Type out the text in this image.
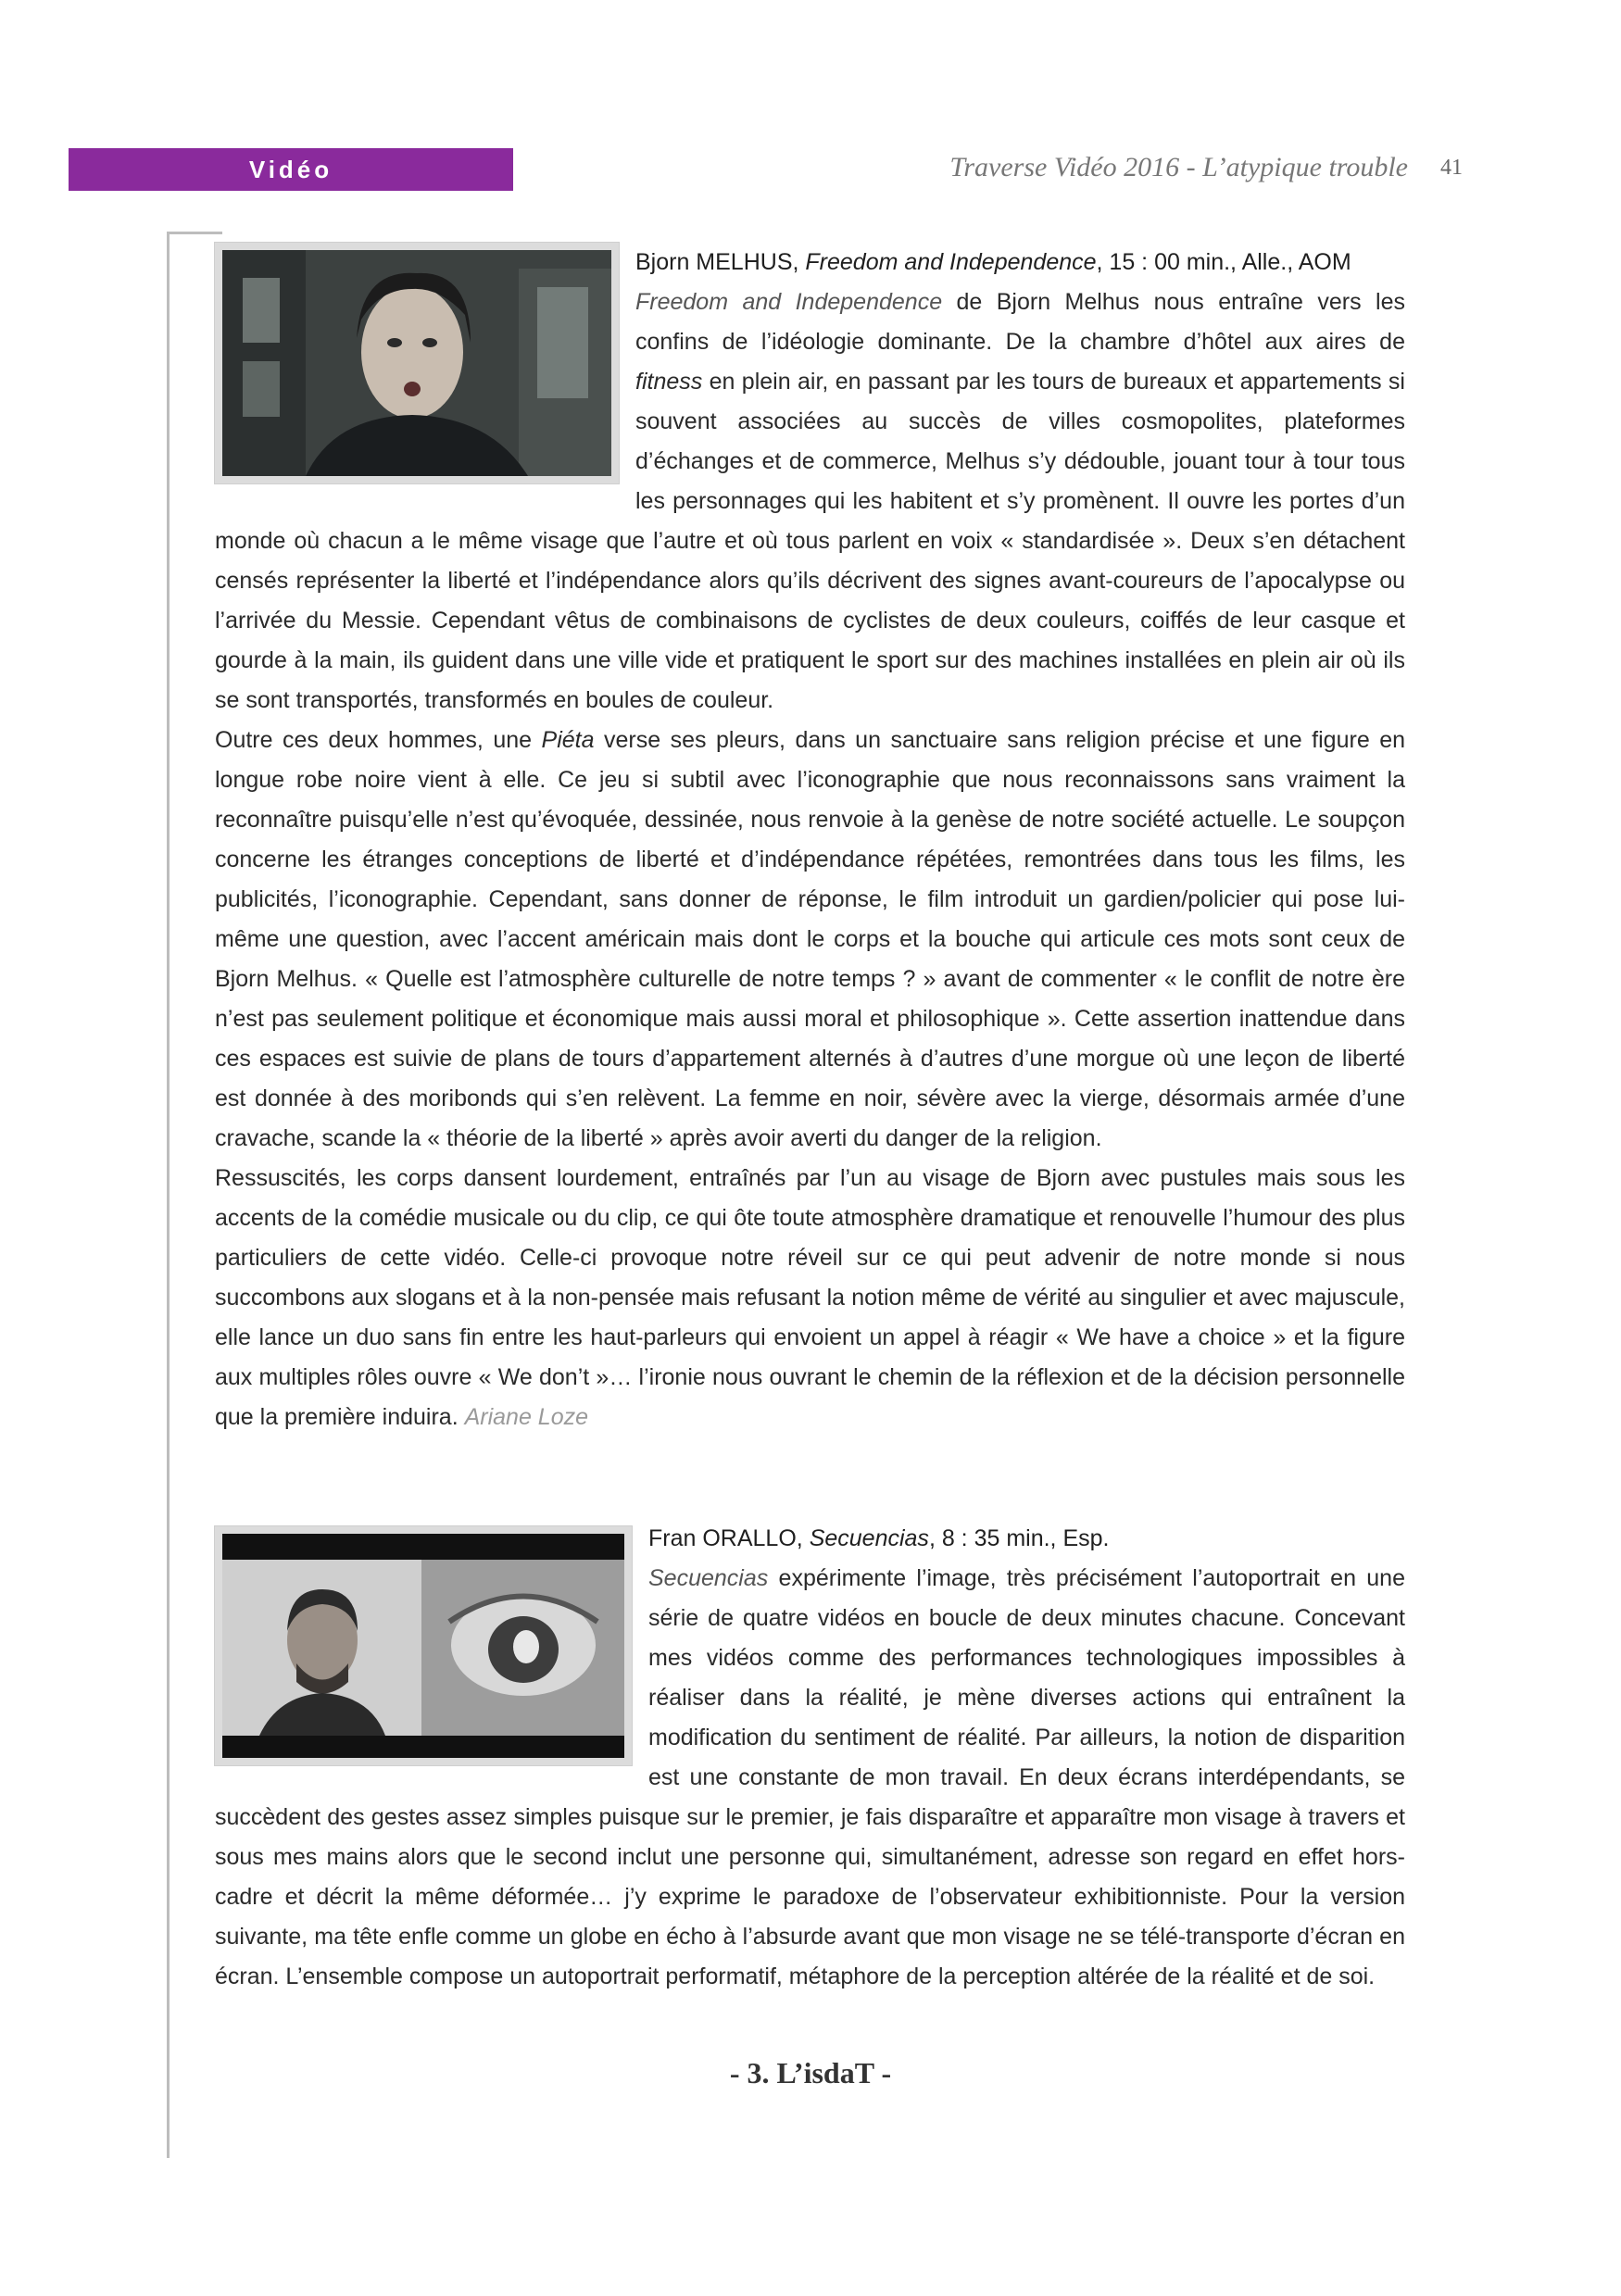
Vidéo	Traverse Vidéo 2016 - L’atypique trouble 41

Bjorn MELHUS, Freedom and Independence, 15 : 00 min., Alle., AOM

Freedom and Independence de Bjorn Melhus nous entraîne vers les confins de l’idéologie dominante. De la chambre d’hôtel aux aires de fitness en plein air, en passant par les tours de bureaux et appartements si souvent associées au succès de villes cosmopolites, plateformes d’échanges et de commerce, Melhus s’y dédouble, jouant tour à tour tous les personnages qui les habitent et s’y promènent. Il ouvre les portes d’un monde où chacun a le même visage que l’autre et où tous parlent en voix « standardisée ». Deux s’en détachent censés représenter la liberté et l’indépendance alors qu’ils décrivent des signes avant-coureurs de l’apocalypse ou l’arrivée du Messie. Cependant vêtus de combinaisons de cyclistes de deux couleurs, coiffés de leur casque et gourde à la main, ils guident dans une ville vide et pratiquent le sport sur des machines installées en plein air où ils se sont transportés, transformés en boules de couleur.

Outre ces deux hommes, une Piéta verse ses pleurs, dans un sanctuaire sans religion précise et une figure en longue robe noire vient à elle. Ce jeu si subtil avec l’iconographie que nous reconnaissons sans vraiment la reconnaître puisqu’elle n’est qu’évoquée, dessinée, nous renvoie à la genèse de notre société actuelle. Le soupçon concerne les étranges conceptions de liberté et d’indépendance répétées, remontrées dans tous les films, les publicités, l’iconographie. Cependant, sans donner de réponse, le film introduit un gardien/policier qui pose lui-même une question, avec l’accent américain mais dont le corps et la bouche qui articule ces mots sont ceux de Bjorn Melhus. « Quelle est l’atmosphère culturelle de notre temps ? » avant de commenter « le conflit de notre ère n’est pas seulement politique et économique mais aussi moral et philosophique ». Cette assertion inattendue dans ces espaces est suivie de plans de tours d’appartement alternés à d’autres d’une morgue où une leçon de liberté est donnée à des moribonds qui s’en relèvent. La femme en noir, sévère avec la vierge, désormais armée d’une cravache, scande la « théorie de la liberté » après avoir averti du danger de la religion.

Ressuscités, les corps dansent lourdement, entraînés par l’un au visage de Bjorn avec pustules mais sous les accents de la comédie musicale ou du clip, ce qui ôte toute atmosphère dramatique et renouvelle l’humour des plus particuliers de cette vidéo. Celle-ci provoque notre réveil sur ce qui peut advenir de notre monde si nous succombons aux slogans et à la non-pensée mais refusant la notion même de vérité au singulier et avec majuscule, elle lance un duo sans fin entre les haut-parleurs qui envoient un appel à réagir « We have a choice » et la figure aux multiples rôles ouvre « We don’t »… l’ironie nous ouvrant le chemin de la réflexion et de la décision personnelle que la première induira. Ariane Loze

Fran ORALLO, Secuencias, 8 : 35 min., Esp.

Secuencias expérimente l’image, très précisément l’autoportrait en une série de quatre vidéos en boucle de deux minutes chacune. Concevant mes vidéos comme des performances technologiques impossibles à réaliser dans la réalité, je mène diverses actions qui entraînent la modification du sentiment de réalité. Par ailleurs, la notion de disparition est une constante de mon travail. En deux écrans interdépendants, se succèdent des gestes assez simples puisque sur le premier, je fais disparaître et apparaître mon visage à travers et sous mes mains alors que le second inclut une personne qui, simultanément, adresse son regard en effet hors-cadre et décrit la même déformée… j’y exprime le paradoxe de l’observateur exhibitionniste. Pour la version suivante, ma tête enfle comme un globe en écho à l’absurde avant que mon visage ne se télé-transporte d’écran en écran. L’ensemble compose un autoportrait performatif, métaphore de la perception altérée de la réalité et de soi.

- 3. L’isdaT -
